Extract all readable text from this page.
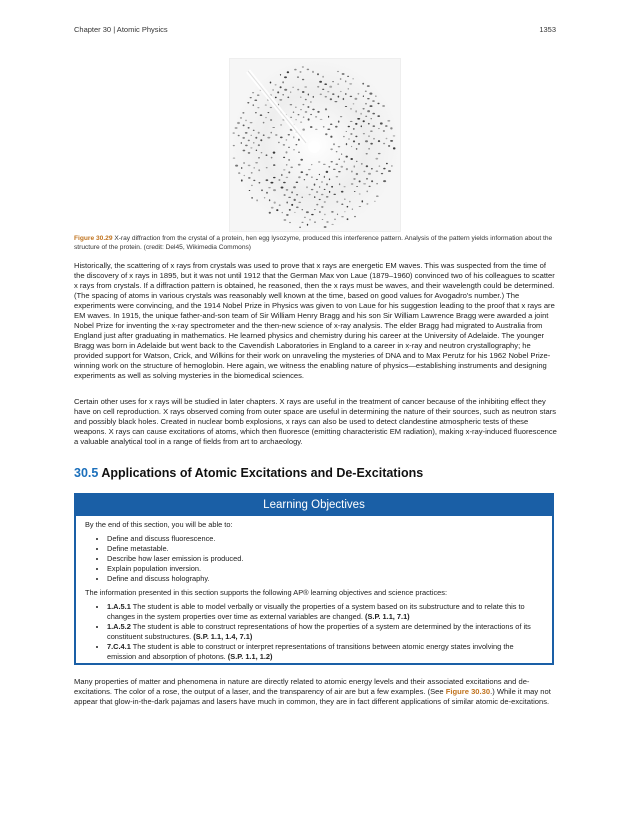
Chapter 30 | Atomic Physics	1353
Figure 30.29 X-ray diffraction from the crystal of a protein, hen egg lysozyme, produced this interference pattern. Analysis of the pattern yields information about the structure of the protein. (credit: Del45, Wikimedia Commons)

Historically, the scattering of x rays from crystals was used to prove that x rays are energetic EM waves. This was suspected from the time of the discovery of x rays in 1895, but it was not until 1912 that the German Max von Laue (1879–1960) convinced two of his colleagues to scatter x rays from crystals. If a diffraction pattern is obtained, he reasoned, then the x rays must be waves, and their wavelength could be determined. (The spacing of atoms in various crystals was reasonably well known at the time, based on good values for Avogadro's number.) The experiments were convincing, and the 1914 Nobel Prize in Physics was given to von Laue for his suggestion leading to the proof that x rays are EM waves. In 1915, the unique father-and-son team of Sir William Henry Bragg and his son Sir William Lawrence Bragg were awarded a joint Nobel Prize for inventing the x-ray spectrometer and the then-new science of x-ray analysis. The elder Bragg had migrated to Australia from England just after graduating in mathematics. He learned physics and chemistry during his career at the University of Adelaide. The younger Bragg was born in Adelaide but went back to the Cavendish Laboratories in England to a career in x-ray and neutron crystallography; he provided support for Watson, Crick, and Wilkins for their work on unraveling the mysteries of DNA and to Max Perutz for his 1962 Nobel Prize-winning work on the structure of hemoglobin. Here again, we witness the enabling nature of physics—establishing instruments and designing experiments as well as solving mysteries in the biomedical sciences.

Certain other uses for x rays will be studied in later chapters. X rays are useful in the treatment of cancer because of the inhibiting effect they have on cell reproduction. X rays observed coming from outer space are useful in determining the nature of their sources, such as neutron stars and possibly black holes. Created in nuclear bomb explosions, x rays can also be used to detect clandestine atmospheric tests of these weapons. X rays can cause excitations of atoms, which then fluoresce (emitting characteristic EM radiation), making x-ray-induced fluorescence a valuable analytical tool in a range of fields from art to archaeology.

30.5 Applications of Atomic Excitations and De-Excitations
Learning Objectives

By the end of this section, you will be able to:

• Define and discuss fluorescence.
• Define metastable.
• Describe how laser emission is produced.
• Explain population inversion.
• Define and discuss holography.

The information presented in this section supports the following AP® learning objectives and science practices:

• 1.A.5.1 The student is able to model verbally or visually the properties of a system based on its substructure and to relate this to changes in the system properties over time as external variables are changed. (S.P. 1.1, 7.1)
• 1.A.5.2 The student is able to construct representations of how the properties of a system are determined by the interactions of its constituent substructures. (S.P. 1.1, 1.4, 7.1)
• 7.C.4.1 The student is able to construct or interpret representations of transitions between atomic energy states involving the emission and absorption of photons. (S.P. 1.1, 1.2)

Many properties of matter and phenomena in nature are directly related to atomic energy levels and their associated excitations and de-excitations. The color of a rose, the output of a laser, and the transparency of air are but a few examples. (See Figure 30.30.) While it may not appear that glow-in-the-dark pajamas and lasers have much in common, they are in fact different applications of similar atomic de-excitations.
